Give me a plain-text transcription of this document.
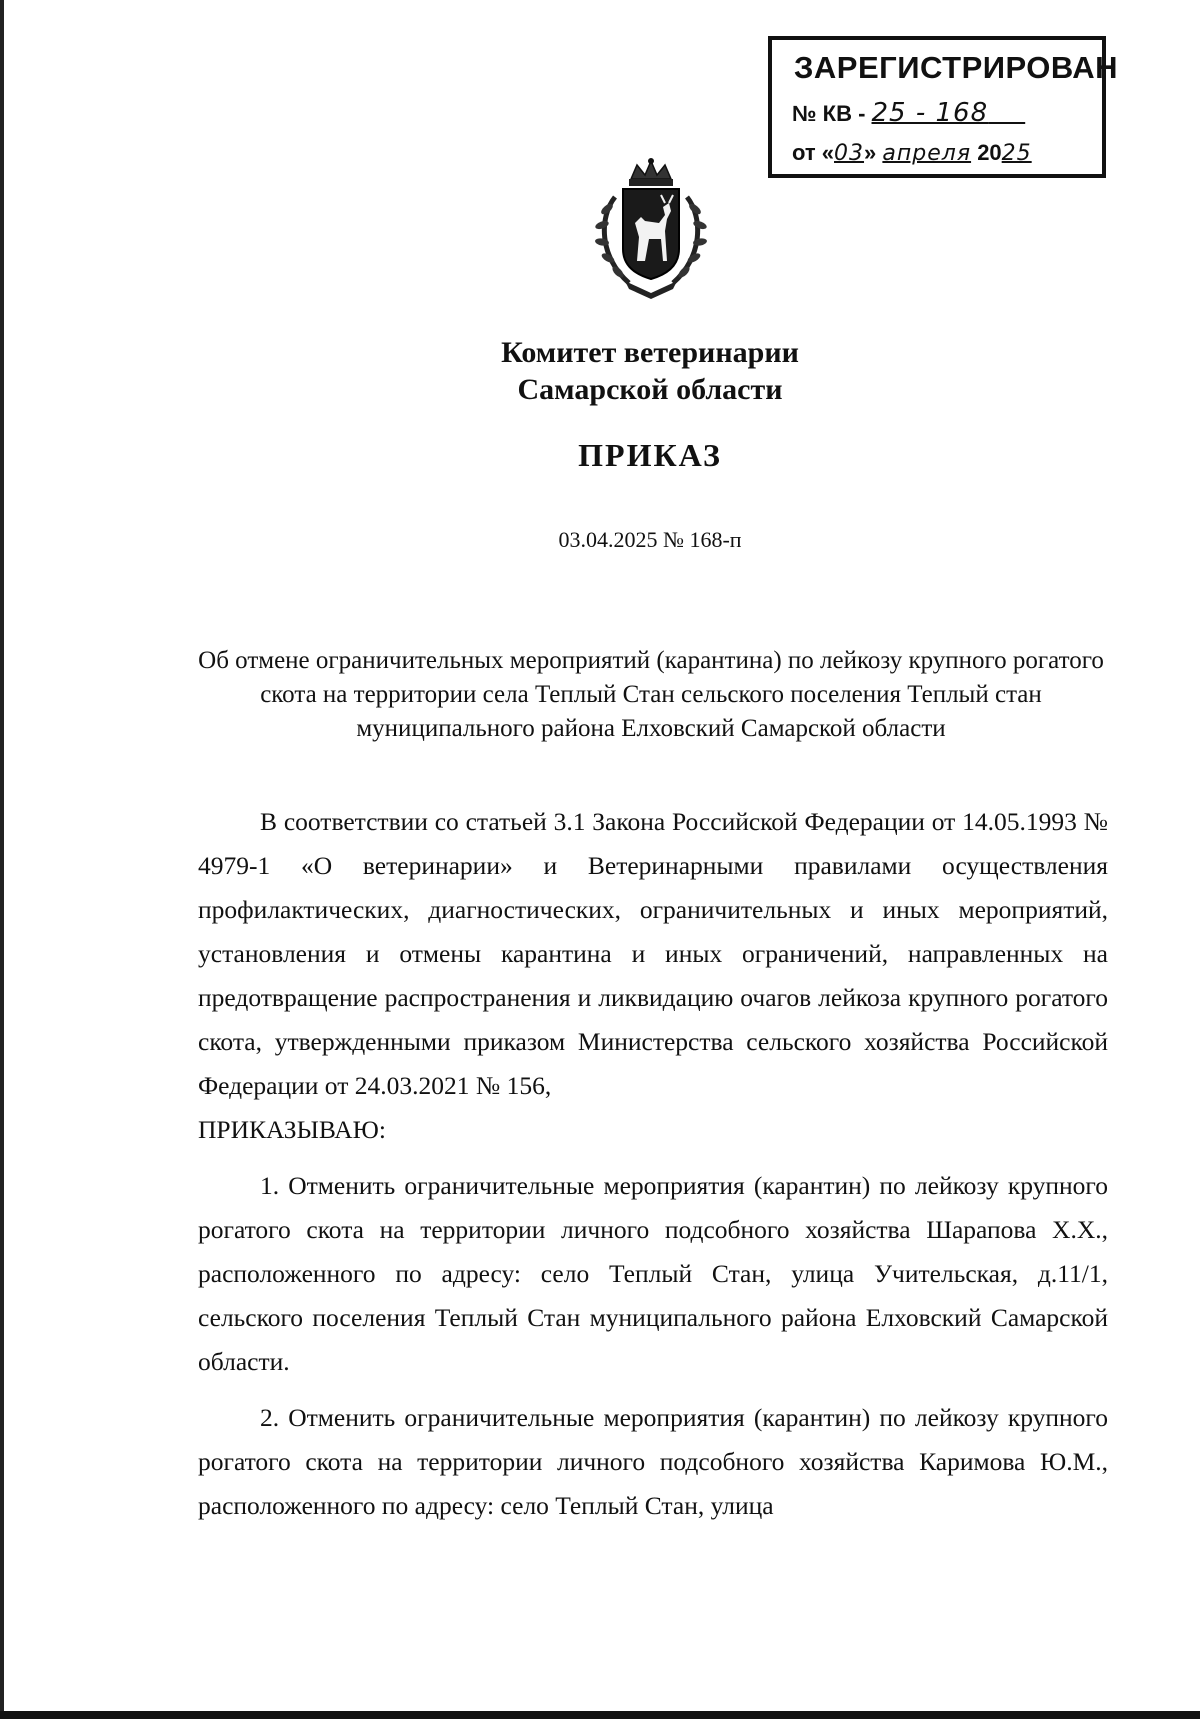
ЗАРЕГИСТРИРОВАН
№ КВ - 25 - 168
от «03» апреля 2025
Комитет ветеринарии
Самарской области
ПРИКАЗ
03.04.2025 № 168-п
Об отмене ограничительных мероприятий (карантина) по лейкозу крупного рогатого скота на территории села Теплый Стан сельского поселения Теплый стан муниципального района Елховский Самарской области

В соответствии со статьей 3.1 Закона Российской Федерации от 14.05.1993 № 4979-1 «О ветеринарии» и Ветеринарными правилами осуществления профилактических, диагностических, ограничительных и иных мероприятий, установления и отмены карантина и иных ограничений, направленных на предотвращение распространения и ликвидацию очагов лейкоза крупного рогатого скота, утвержденными приказом Министерства сельского хозяйства Российской Федерации от 24.03.2021 № 156,

ПРИКАЗЫВАЮ:

1. Отменить ограничительные мероприятия (карантин) по лейкозу крупного рогатого скота на территории личного подсобного хозяйства Шарапова Х.Х., расположенного по адресу: село Теплый Стан, улица Учительская, д.11/1, сельского поселения Теплый Стан муниципального района Елховский Самарской области.

2. Отменить ограничительные мероприятия (карантин) по лейкозу крупного рогатого скота на территории личного подсобного хозяйства Каримова Ю.М., расположенного по адресу: село Теплый Стан, улица
